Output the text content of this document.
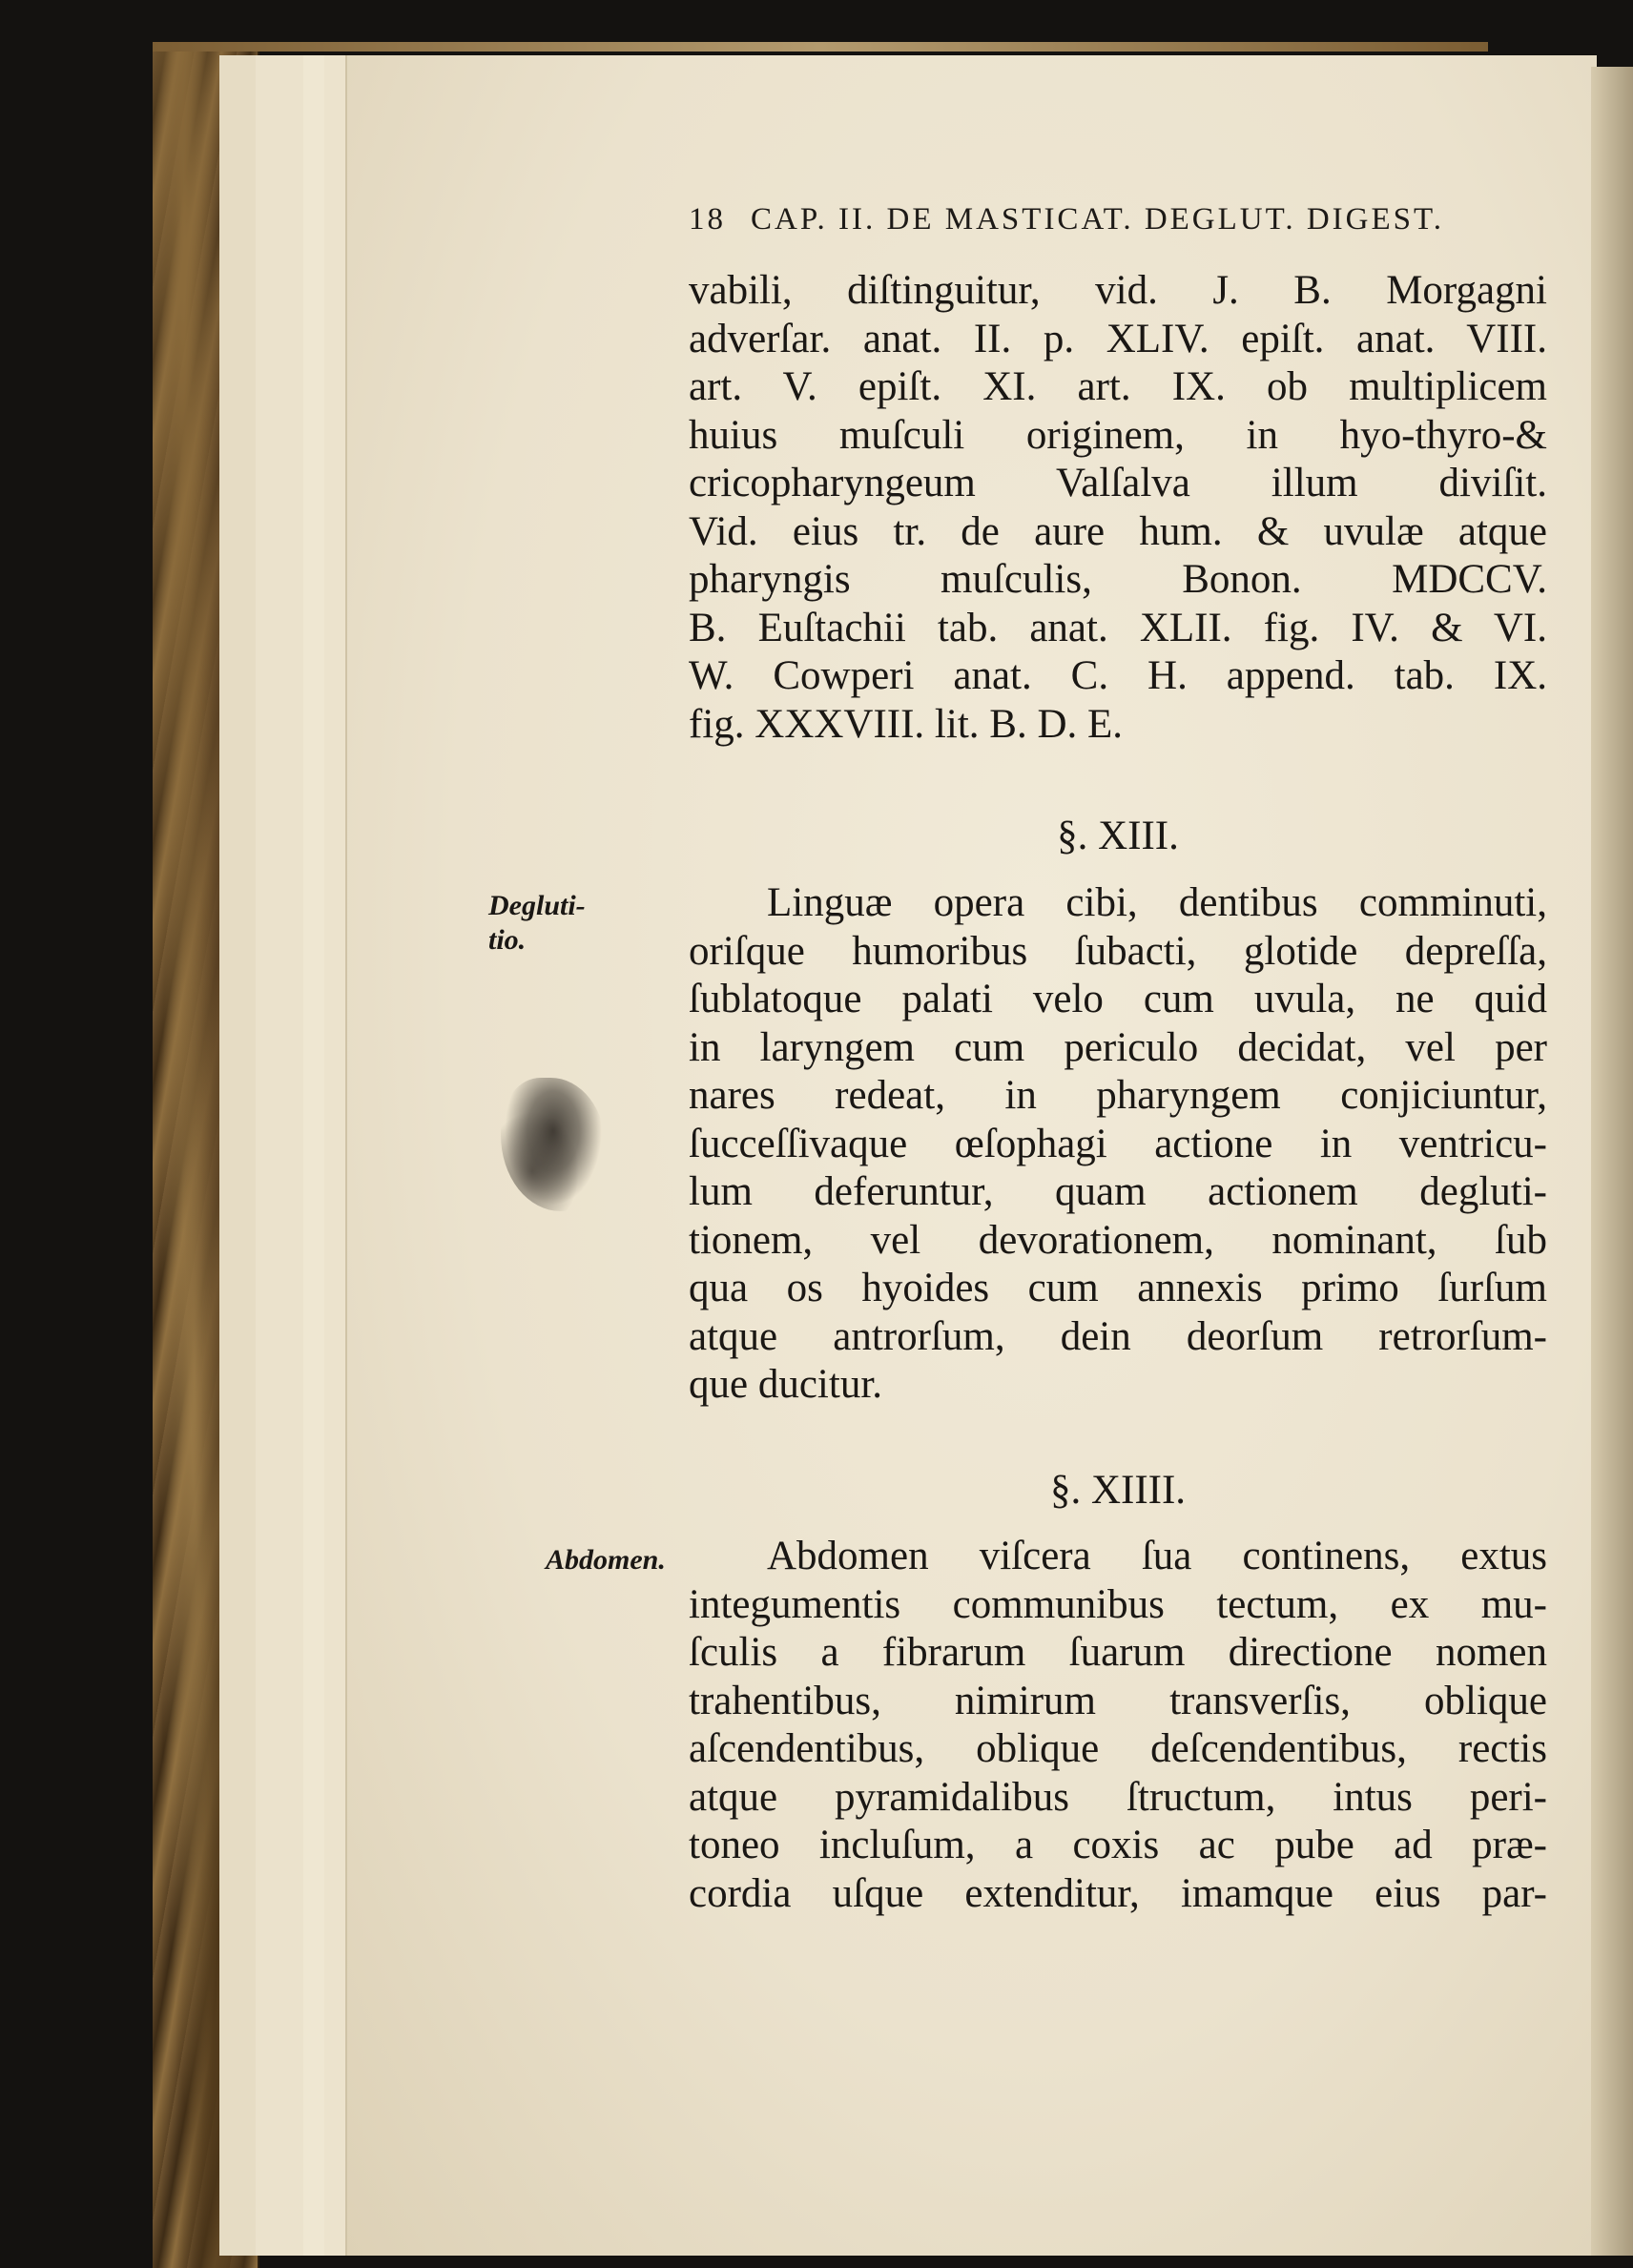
18 CAP. II. DE MASTICAT. DEGLUT. DIGEST.
vabili, diſtinguitur, vid. J. B. Morgagni
adverſar. anat. II. p. XLIV. epiſt. anat. VIII.
art. V. epiſt. XI. art. IX. ob multiplicem
huius muſculi originem, in hyo-thyro-&
cricopharyngeum Valſalva illum diviſit.
Vid. eius tr. de aure hum. & uvulæ atque
pharyngis muſculis, Bonon. MDCCV.
B. Euſtachii tab. anat. XLII. fig. IV. & VI.
W. Cowperi anat. C. H. append. tab. IX.
fig. XXXVIII. lit. B. D. E.
§. XIII.
Degluti-
tio.
Linguæ opera cibi, dentibus comminuti,
oriſque humoribus ſubacti, glotide depreſſa,
ſublatoque palati velo cum uvula, ne quid
in laryngem cum periculo decidat, vel per
nares redeat, in pharyngem conjiciuntur,
ſucceſſivaque œſophagi actione in ventricu-
lum deferuntur, quam actionem degluti-
tionem, vel devorationem, nominant, ſub
qua os hyoides cum annexis primo ſurſum
atque antrorſum, dein deorſum retrorſum-
que ducitur.
§. XIIII.
Abdomen.	Abdomen viſcera ſua continens, extus
integumentis communibus tectum, ex mu-
ſculis a fibrarum ſuarum directione nomen
trahentibus, nimirum transverſis, oblique
aſcendentibus, oblique deſcendentibus, rectis
atque pyramidalibus ſtructum, intus peri-
toneo incluſum, a coxis ac pube ad præ-
cordia uſque extenditur, imamque eius par-
